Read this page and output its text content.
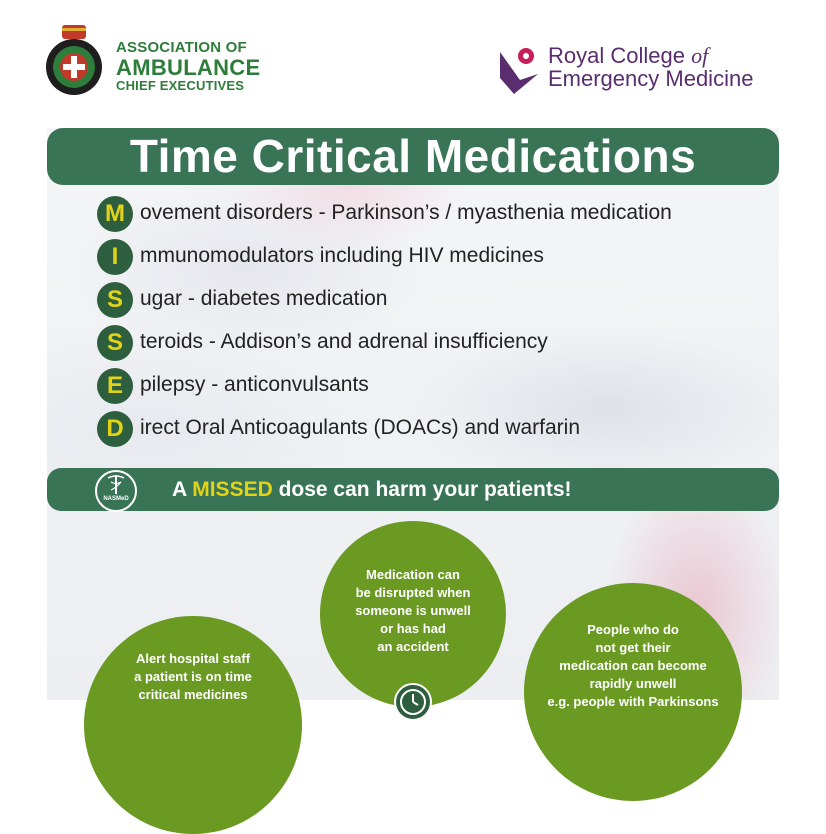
ASSOCIATION OF
AMBULANCE
CHIEF EXECUTIVES
Royal College of
Emergency Medicine
Time Critical Medications
M ovement disorders - Parkinson’s / myasthenia medication
I	mmunomodulators including HIV medicines
S ugar - diabetes medication
S teroids - Addison’s and adrenal insufficiency
E pilepsy - anticonvulsants
D irect Oral Anticoagulants (DOACs) and warfarin
NASMeD	A MISSED dose can harm your patients!
Alert hospital staff
a patient is on time
critical medicines
Medication can
be disrupted when
someone is unwell
or has had
an accident
People who do
not get their
medication can become
rapidly unwell
e.g. people with Parkinsons
